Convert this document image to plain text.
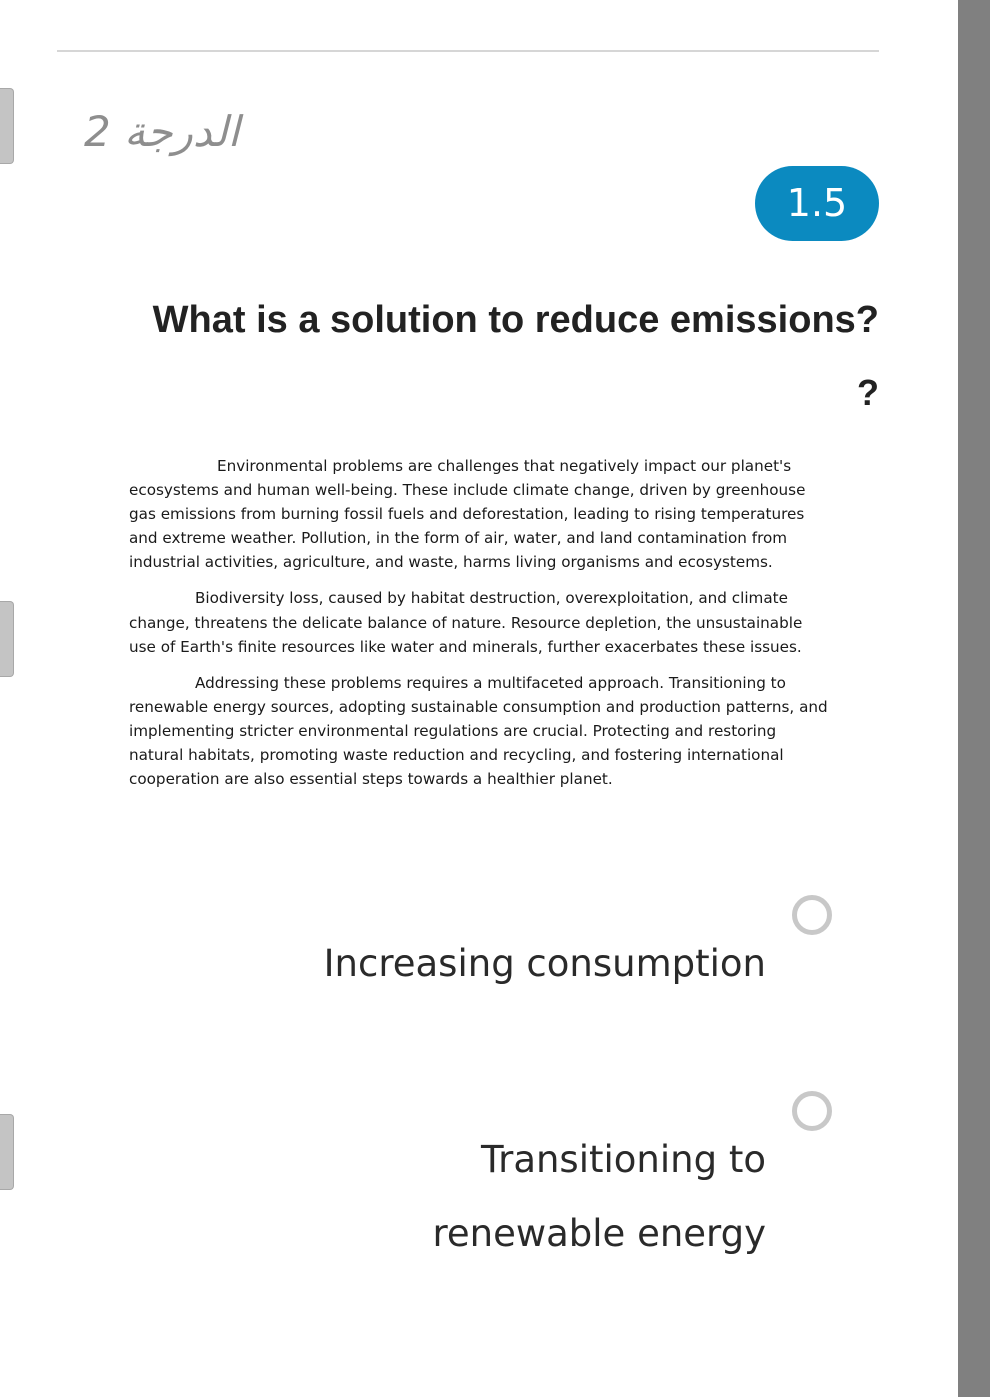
الدرجة 2
1.5
What is a solution to reduce emissions?
?

Environmental problems are challenges that negatively impact our planet's ecosystems and human well-being. These include climate change, driven by greenhouse gas emissions from burning fossil fuels and deforestation, leading to rising temperatures and extreme weather. Pollution, in the form of air, water, and land contamination from industrial activities, agriculture, and waste, harms living organisms and ecosystems.

Biodiversity loss, caused by habitat destruction, overexploitation, and climate change, threatens the delicate balance of nature. Resource depletion, the unsustainable use of Earth's finite resources like water and minerals, further exacerbates these issues.

Addressing these problems requires a multifaceted approach. Transitioning to renewable energy sources, adopting sustainable consumption and production patterns, and implementing stricter environmental regulations are crucial. Protecting and restoring natural habitats, promoting waste reduction and recycling, and fostering international cooperation are also essential steps towards a healthier planet.

Increasing consumption
Transitioning to renewable energy
